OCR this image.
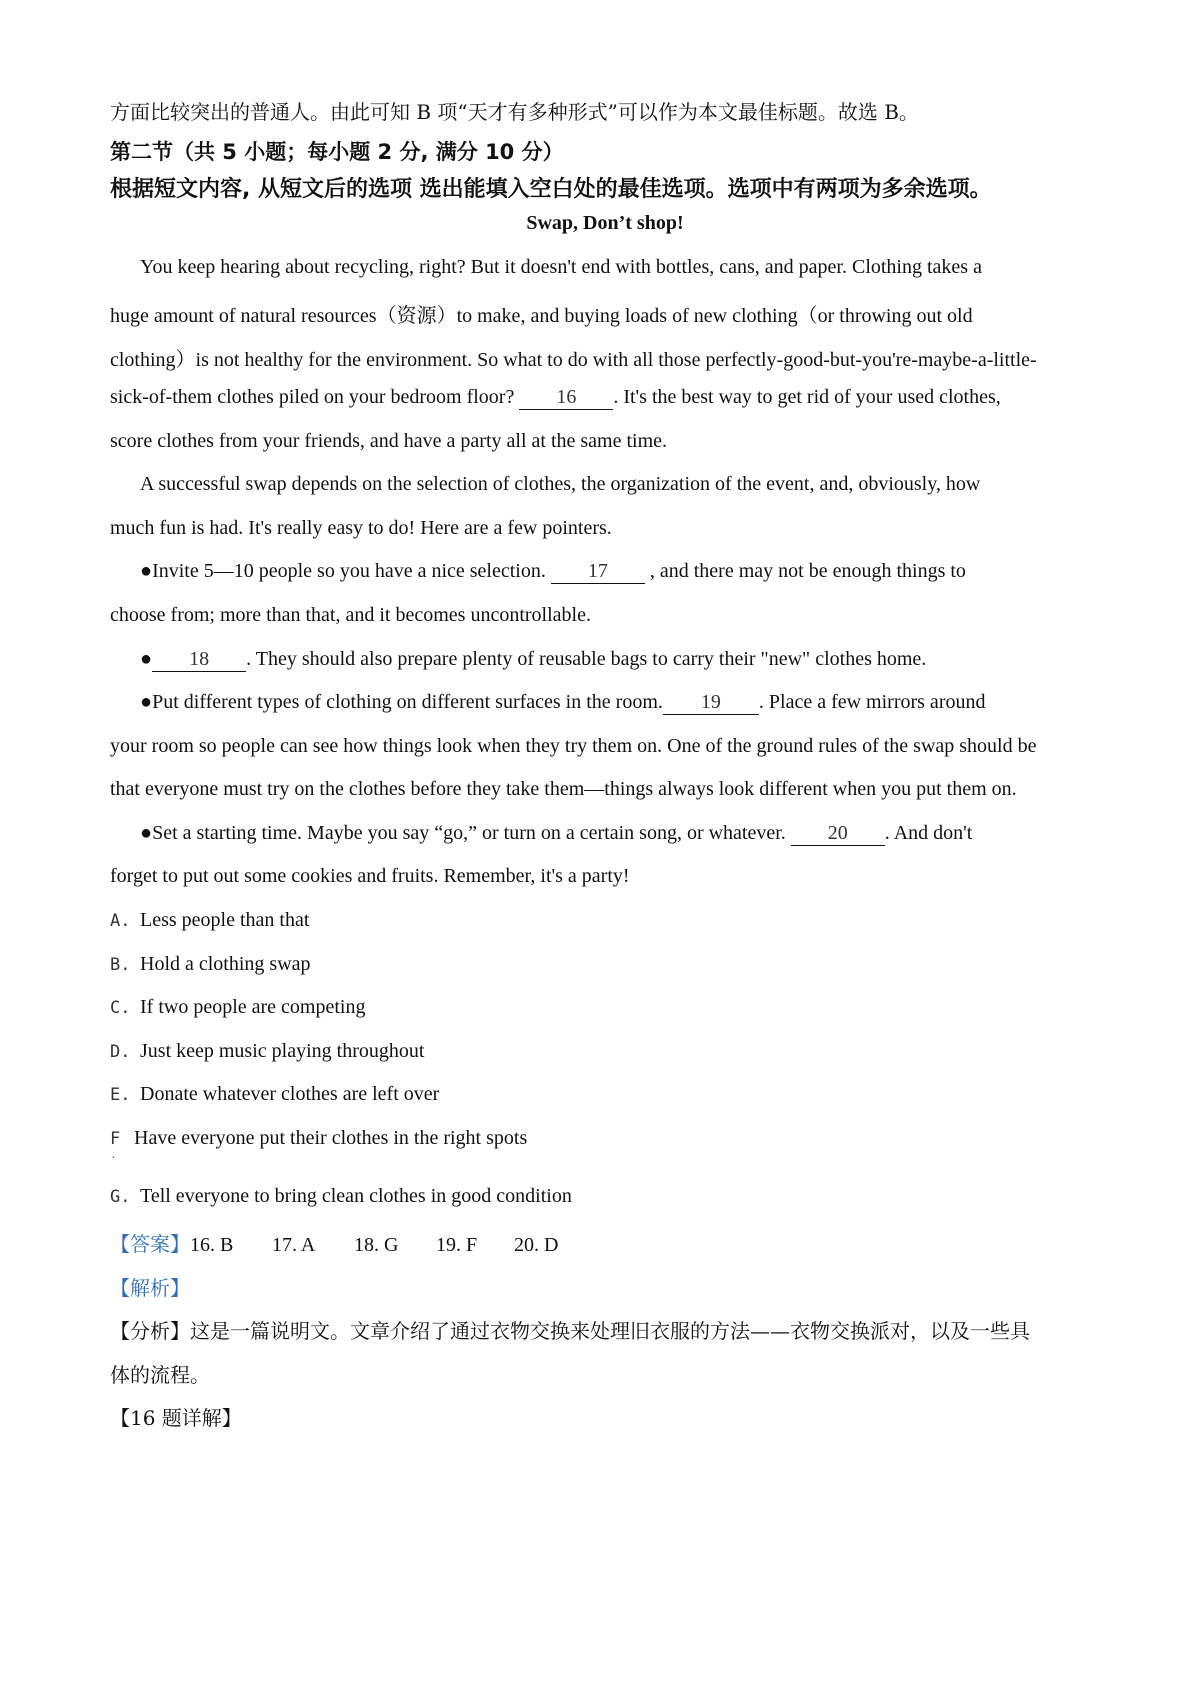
方面比较突出的普通人。由此可知 B 项“天才有多种形式”可以作为本文最佳标题。故选 B。
第二节（共 5 小题；每小题 2 分, 满分 10 分）
根据短文内容, 从短文后的选项 选出能填入空白处的最佳选项。选项中有两项为多余选项。
Swap, Don’t shop!
You keep hearing about recycling, right? But it doesn't end with bottles, cans, and paper. Clothing takes a
huge amount of natural resources（资源）to make, and buying loads of new clothing（or throwing out old
clothing）is not healthy for the environment. So what to do with all those perfectly-good-but-you're-maybe-a-little-
sick-of-them clothes piled on your bedroom floor? 16 . It's the best way to get rid of your used clothes,
score clothes from your friends, and have a party all at the same time.
A successful swap depends on the selection of clothes, the organization of the event, and, obviously, how
much fun is had. It's really easy to do! Here are a few pointers.
●Invite 5—10 people so you have a nice selection. 17 , and there may not be enough things to
choose from; more than that, and it becomes uncontrollable.
● 18 . They should also prepare plenty of reusable bags to carry their "new" clothes home.
●Put different types of clothing on different surfaces in the room. 19 . Place a few mirrors around
your room so people can see how things look when they try them on. One of the ground rules of the swap should be
that everyone must try on the clothes before they take them—things always look different when you put them on.
●Set a starting time. Maybe you say “go,” or turn on a certain song, or whatever. 20 . And don't
forget to put out some cookies and fruits. Remember, it's a party!
A. Less people than that
B. Hold a clothing swap
C. If two people are competing
D. Just keep music playing throughout
E. Donate whatever clothes are left over
F Have everyone put their clothes in the right spots
·
G. Tell everyone to bring clean clothes in good condition
【答案】16. B 17. A 18. G 19. F 20. D
【解析】
【分析】这是一篇说明文。文章介绍了通过衣物交换来处理旧衣服的方法——衣物交换派对，以及一些具
体的流程。
【16 题详解】
